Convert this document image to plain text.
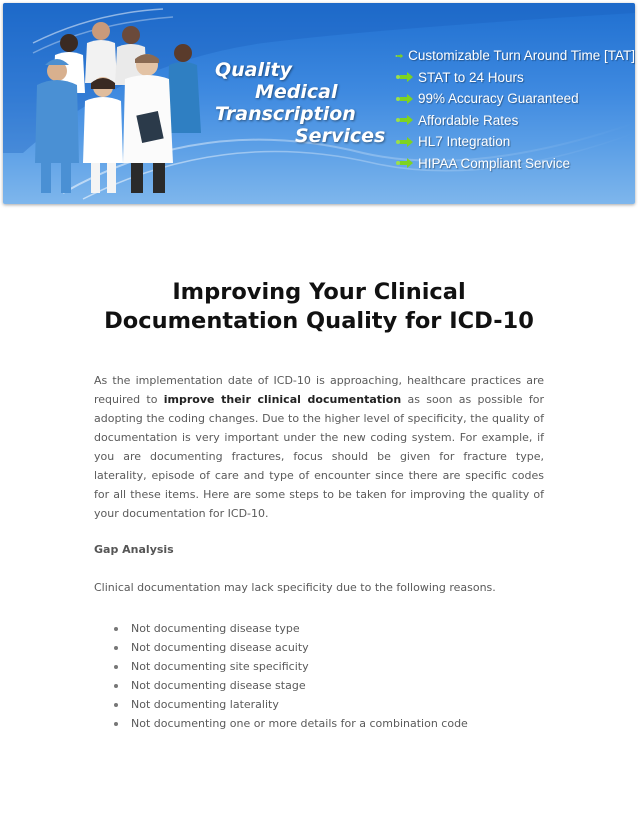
Quality
Medical
Transcription
Services
Customizable Turn Around Time [TAT]
STAT to 24 Hours
99% Accuracy Guaranteed
Affordable Rates
HL7 Integration
HIPAA Compliant Service
Improving Your Clinical
Documentation Quality for ICD-10

As the implementation date of ICD-10 is approaching, healthcare practices are required to improve their clinical documentation as soon as possible for adopting the coding changes. Due to the higher level of specificity, the quality of documentation is very important under the new coding system. For example, if you are documenting fractures, focus should be given for fracture type, laterality, episode of care and type of encounter since there are specific codes for all these items. Here are some steps to be taken for improving the quality of your documentation for ICD-10.

Gap Analysis

Clinical documentation may lack specificity due to the following reasons.

Not documenting disease type
Not documenting disease acuity
Not documenting site specificity
Not documenting disease stage
Not documenting laterality
Not documenting one or more details for a combination code
